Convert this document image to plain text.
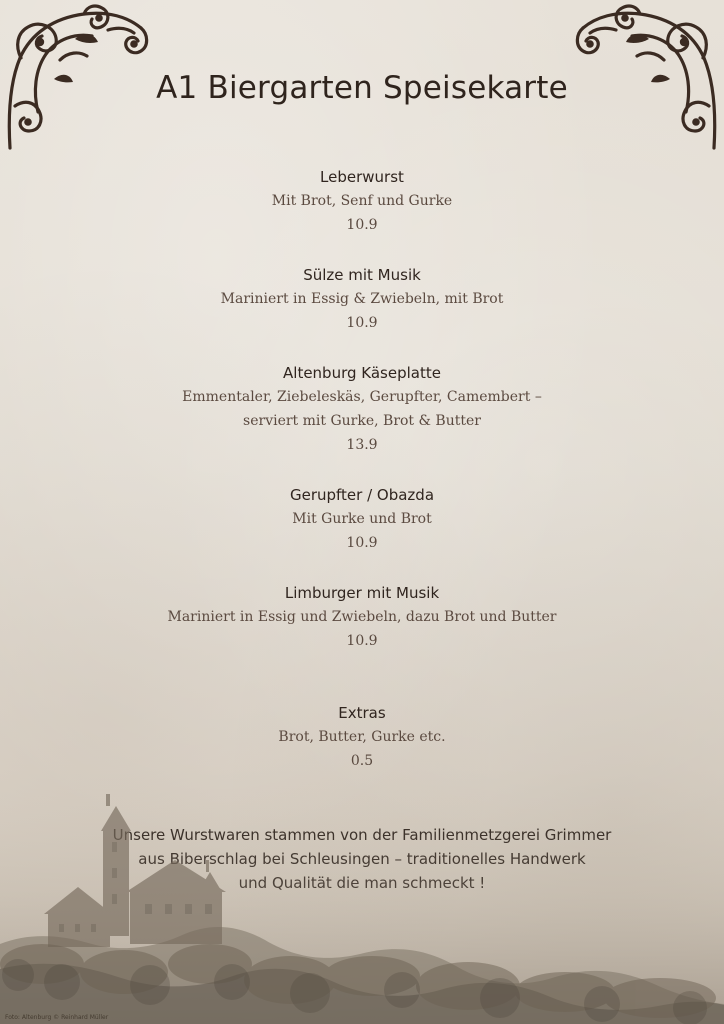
A1 Biergarten Speisekarte
Leberwurst
Mit Brot, Senf und Gurke
10.9
Sülze mit Musik
Mariniert in Essig & Zwiebeln, mit Brot
10.9
Altenburg Käseplatte
Emmentaler, Ziebeleskäs, Gerupfter, Camembert –
serviert mit Gurke, Brot & Butter
13.9
Gerupfter / Obazda
Mit Gurke und Brot
10.9
Limburger mit Musik
Mariniert in Essig und Zwiebeln, dazu Brot und Butter
10.9
Extras
Brot, Butter, Gurke etc.
0.5
Foto: Altenburg © Reinhard Müller
